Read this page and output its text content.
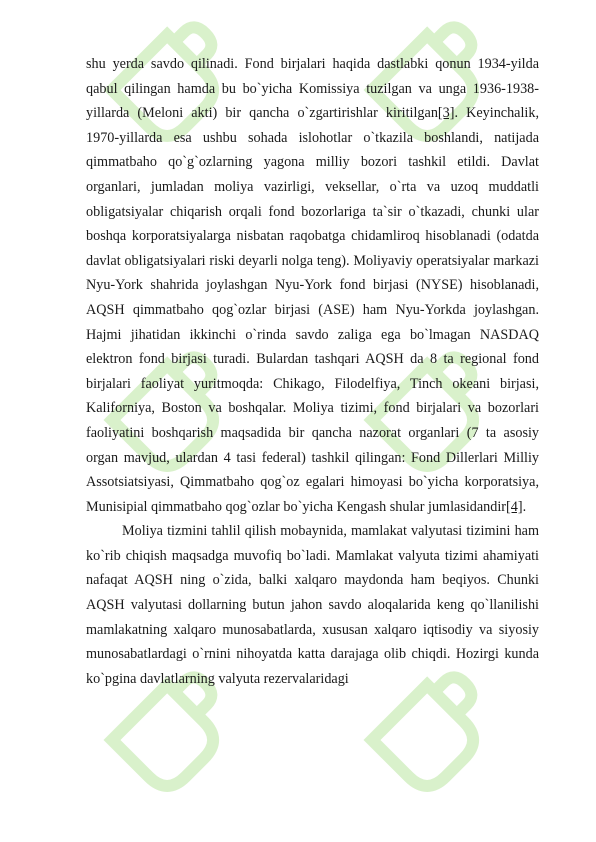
shu yerda savdo qilinadi. Fond birjalari haqida dastlabki qonun 1934-yilda qabul qilingan hamda bu bo`yicha Komissiya tuzilgan va unga 1936-1938-yillarda (Meloni akti) bir qancha o`zgartirishlar kiritilgan[3]. Keyinchalik, 1970-yillarda esa ushbu sohada islohotlar o`tkazila boshlandi, natijada qimmatbaho qo`g`ozlarning yagona milliy bozori tashkil etildi. Davlat organlari, jumladan moliya vazirligi, veksellar, o`rta va uzoq muddatli obligatsiyalar chiqarish orqali fond bozorlariga ta`sir o`tkazadi, chunki ular boshqa korporatsiyalarga nisbatan raqobatga chidamliroq hisoblanadi (odatda davlat obligatsiyalari riski deyarli nolga teng). Moliyaviy operatsiyalar markazi Nyu-York shahrida joylashgan Nyu-York fond birjasi (NYSE) hisoblanadi, AQSH qimmatbaho qog`ozlar birjasi (ASE) ham Nyu-Yorkda joylashgan. Hajmi jihatidan ikkinchi o`rinda savdo zaliga ega bo`lmagan NASDAQ elektron fond birjasi turadi. Bulardan tashqari AQSH da 8 ta regional fond birjalari faoliyat yuritmoqda: Chikago, Filodelfiya, Tinch okeani birjasi, Kaliforniya, Boston va boshqalar. Moliya tizimi, fond birjalari va bozorlari faoliyatini boshqarish maqsadida bir qancha nazorat organlari (7 ta asosiy organ mavjud, ulardan 4 tasi federal) tashkil qilingan: Fond Dillerlari Milliy Assotsiatsiyasi, Qimmatbaho qog`oz egalari himoyasi bo`yicha korporatsiya, Munisipial qimmatbaho qog`ozlar bo`yicha Kengash shular jumlasidandir[4].

Moliya tizmini tahlil qilish mobaynida, mamlakat valyutasi tizimini ham ko`rib chiqish maqsadga muvofiq bo`ladi. Mamlakat valyuta tizimi ahamiyati nafaqat AQSH ning o`zida, balki xalqaro maydonda ham beqiyos. Chunki AQSH valyutasi dollarning butun jahon savdo aloqalarida keng qo`llanilishi mamlakatning xalqaro munosabatlarda, xususan xalqaro iqtisodiy va siyosiy munosabatlardagi o`rnini nihoyatda katta darajaga olib chiqdi. Hozirgi kunda ko`pgina davlatlarning valyuta rezervalaridagi
